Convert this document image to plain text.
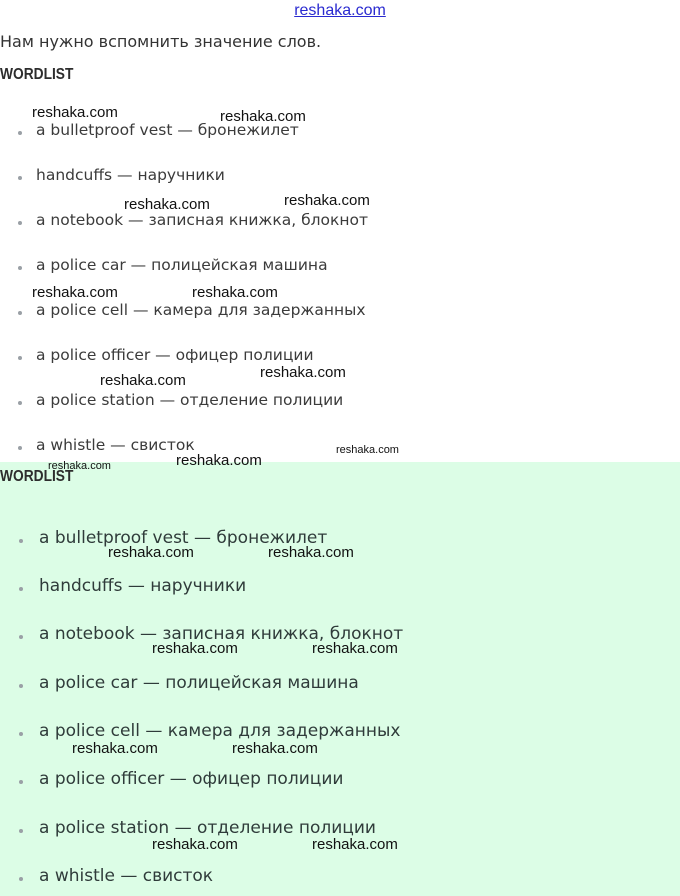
reshaka.com
Нам нужно вспомнить значение слов.
WORDLIST
a bulletproof vest — бронежилет
handcuffs — наручники
a notebook — записная книжка, блокнот
a police car — полицейская машина
a police cell — камера для задержанных
a police officer — офицер полиции
a police station — отделение полиции
a whistle — свисток
WORDLIST
a bulletproof vest — бронежилет
handcuffs — наручники
a notebook — записная книжка, блокнот
a police car — полицейская машина
a police cell — камера для задержанных
a police officer — офицер полиции
a police station — отделение полиции
a whistle — свисток
reshaka.com	reshaka.com
reshaka.com	reshaka.com
reshaka.com	reshaka.com
reshaka.com	reshaka.com
reshaka.com
reshaka.com	reshaka.com
reshaka.com	reshaka.com
reshaka.com	reshaka.com
reshaka.com	reshaka.com
reshaka.com	reshaka.com
